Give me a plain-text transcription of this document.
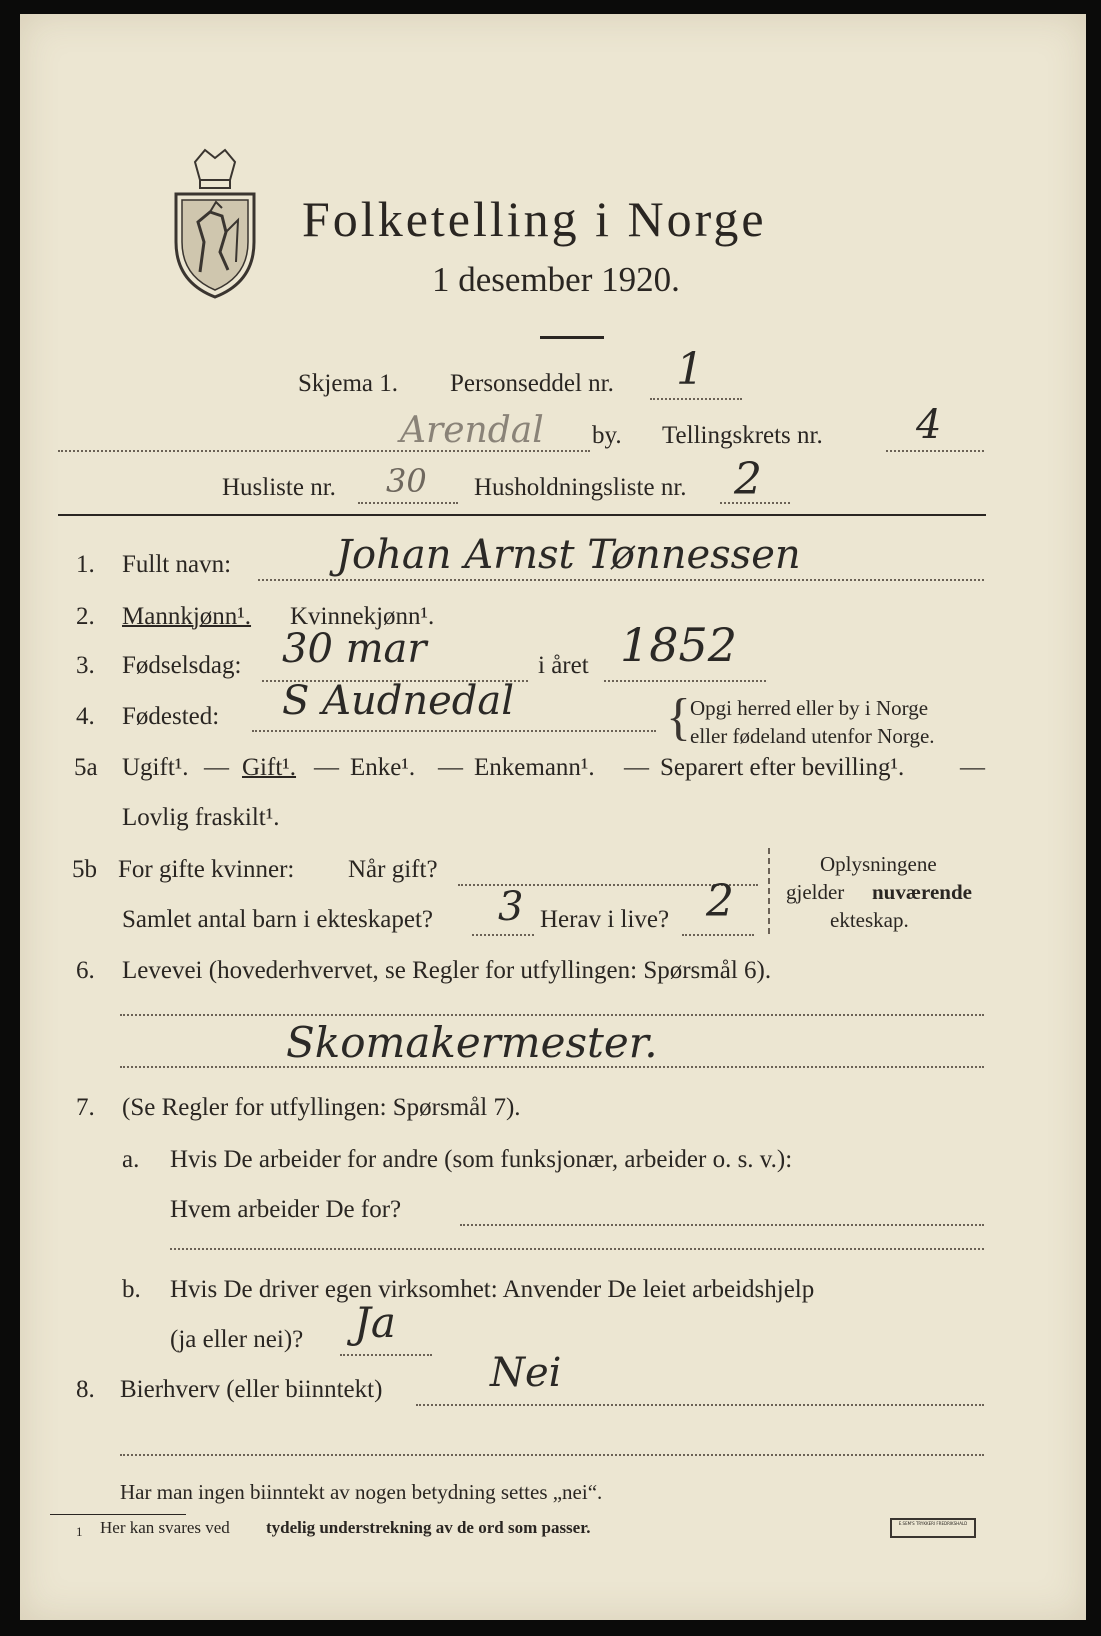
Folketelling i Norge
1 desember 1920.
Skjema 1. Personseddel nr. 1
Arendal by. Tellingskrets nr. 4
Husliste nr. 30 Husholdningsliste nr. 2
1. Fullt navn:	Johan Arnst Tønnessen
2. Mannkjønn¹. Kvinnekjønn¹.
3. Fødselsdag: 30 mar	i året 1852
4. Fødested: S Audnedal	{ Opgi herred eller by i Norge
eller fødeland utenfor Norge.
5a Ugift¹. — Gift¹. — Enke¹. — Enkemann¹. — Separert efter bevilling¹. —
Lovlig fraskilt¹.
5b For gifte kvinner: Når gift?
Samlet antal barn i ekteskapet? 3 Herav i live? 2
Oplysningene
gjelder nuværende
ekteskap.
6. Levevei (hovederhvervet, se Regler for utfyllingen: Spørsmål 6).
Skomakermester.
7. (Se Regler for utfyllingen: Spørsmål 7).
a. Hvis De arbeider for andre (som funksjonær, arbeider o. s. v.):
Hvem arbeider De for?
b. Hvis De driver egen virksomhet: Anvender De leiet arbeidshjelp
(ja eller nei)? Ja
8. Bierhverv (eller biinntekt)	Nei
Har man ingen biinntekt av nogen betydning settes „nei“.
1 Her kan svares ved tydelig understrekning av de ord som passer.	E.SEM'S TRYKKERI FREDRIKSHALD
